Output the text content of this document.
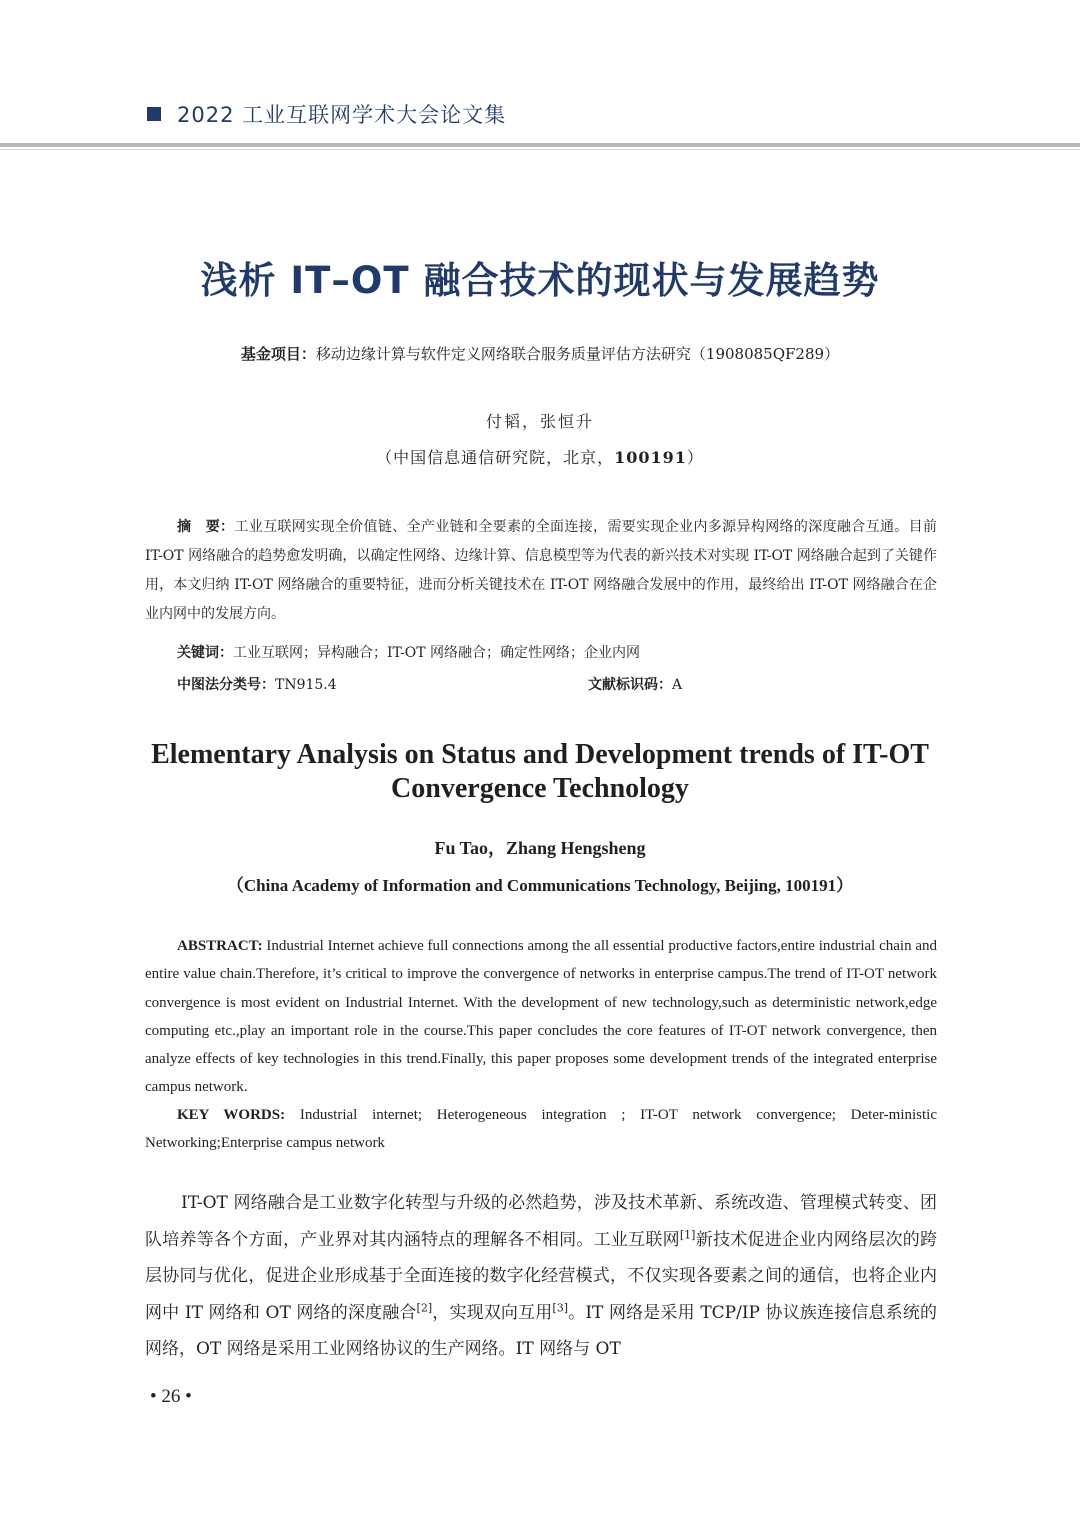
2022 工业互联网学术大会论文集
浅析 IT–OT 融合技术的现状与发展趋势
基金项目：移动边缘计算与软件定义网络联合服务质量评估方法研究（1908085QF289）
付韬，张恒升
（中国信息通信研究院，北京，100191）
摘　要：工业互联网实现全价值链、全产业链和全要素的全面连接，需要实现企业内多源异构网络的深度融合互通。目前 IT-OT 网络融合的趋势愈发明确，以确定性网络、边缘计算、信息模型等为代表的新兴技术对实现 IT-OT 网络融合起到了关键作用，本文归纳 IT-OT 网络融合的重要特征，进而分析关键技术在 IT-OT 网络融合发展中的作用，最终给出 IT-OT 网络融合在企业内网中的发展方向。
关键词：工业互联网；异构融合；IT-OT 网络融合；确定性网络；企业内网
中图法分类号：TN915.4	文献标识码：A
Elementary Analysis on Status and Development trends of IT-OT Convergence Technology
Fu Tao，Zhang Hengsheng
（China Academy of Information and Communications Technology, Beijing, 100191）
ABSTRACT: Industrial Internet achieve full connections among the all essential productive factors,entire industrial chain and entire value chain.Therefore, it’s critical to improve the convergence of networks in enterprise campus.The trend of IT-OT network convergence is most evident on Industrial Internet. With the development of new technology,such as deterministic network,edge computing etc.,play an important role in the course.This paper concludes the core features of IT-OT network convergence, then analyze effects of key technologies in this trend.Finally, this paper proposes some development trends of the integrated enterprise campus network.
KEY WORDS: Industrial internet; Heterogeneous integration ; IT-OT network convergence; Deter-ministic Networking;Enterprise campus network
IT-OT 网络融合是工业数字化转型与升级的必然趋势，涉及技术革新、系统改造、管理模式转变、团队培养等各个方面，产业界对其内涵特点的理解各不相同。工业互联网[1]新技术促进企业内网络层次的跨层协同与优化，促进企业形成基于全面连接的数字化经营模式，不仅实现各要素之间的通信，也将企业内网中 IT 网络和 OT 网络的深度融合[2]，实现双向互用[3]。IT 网络是采用 TCP/IP 协议族连接信息系统的网络，OT 网络是采用工业网络协议的生产网络。IT 网络与 OT
• 26 •
